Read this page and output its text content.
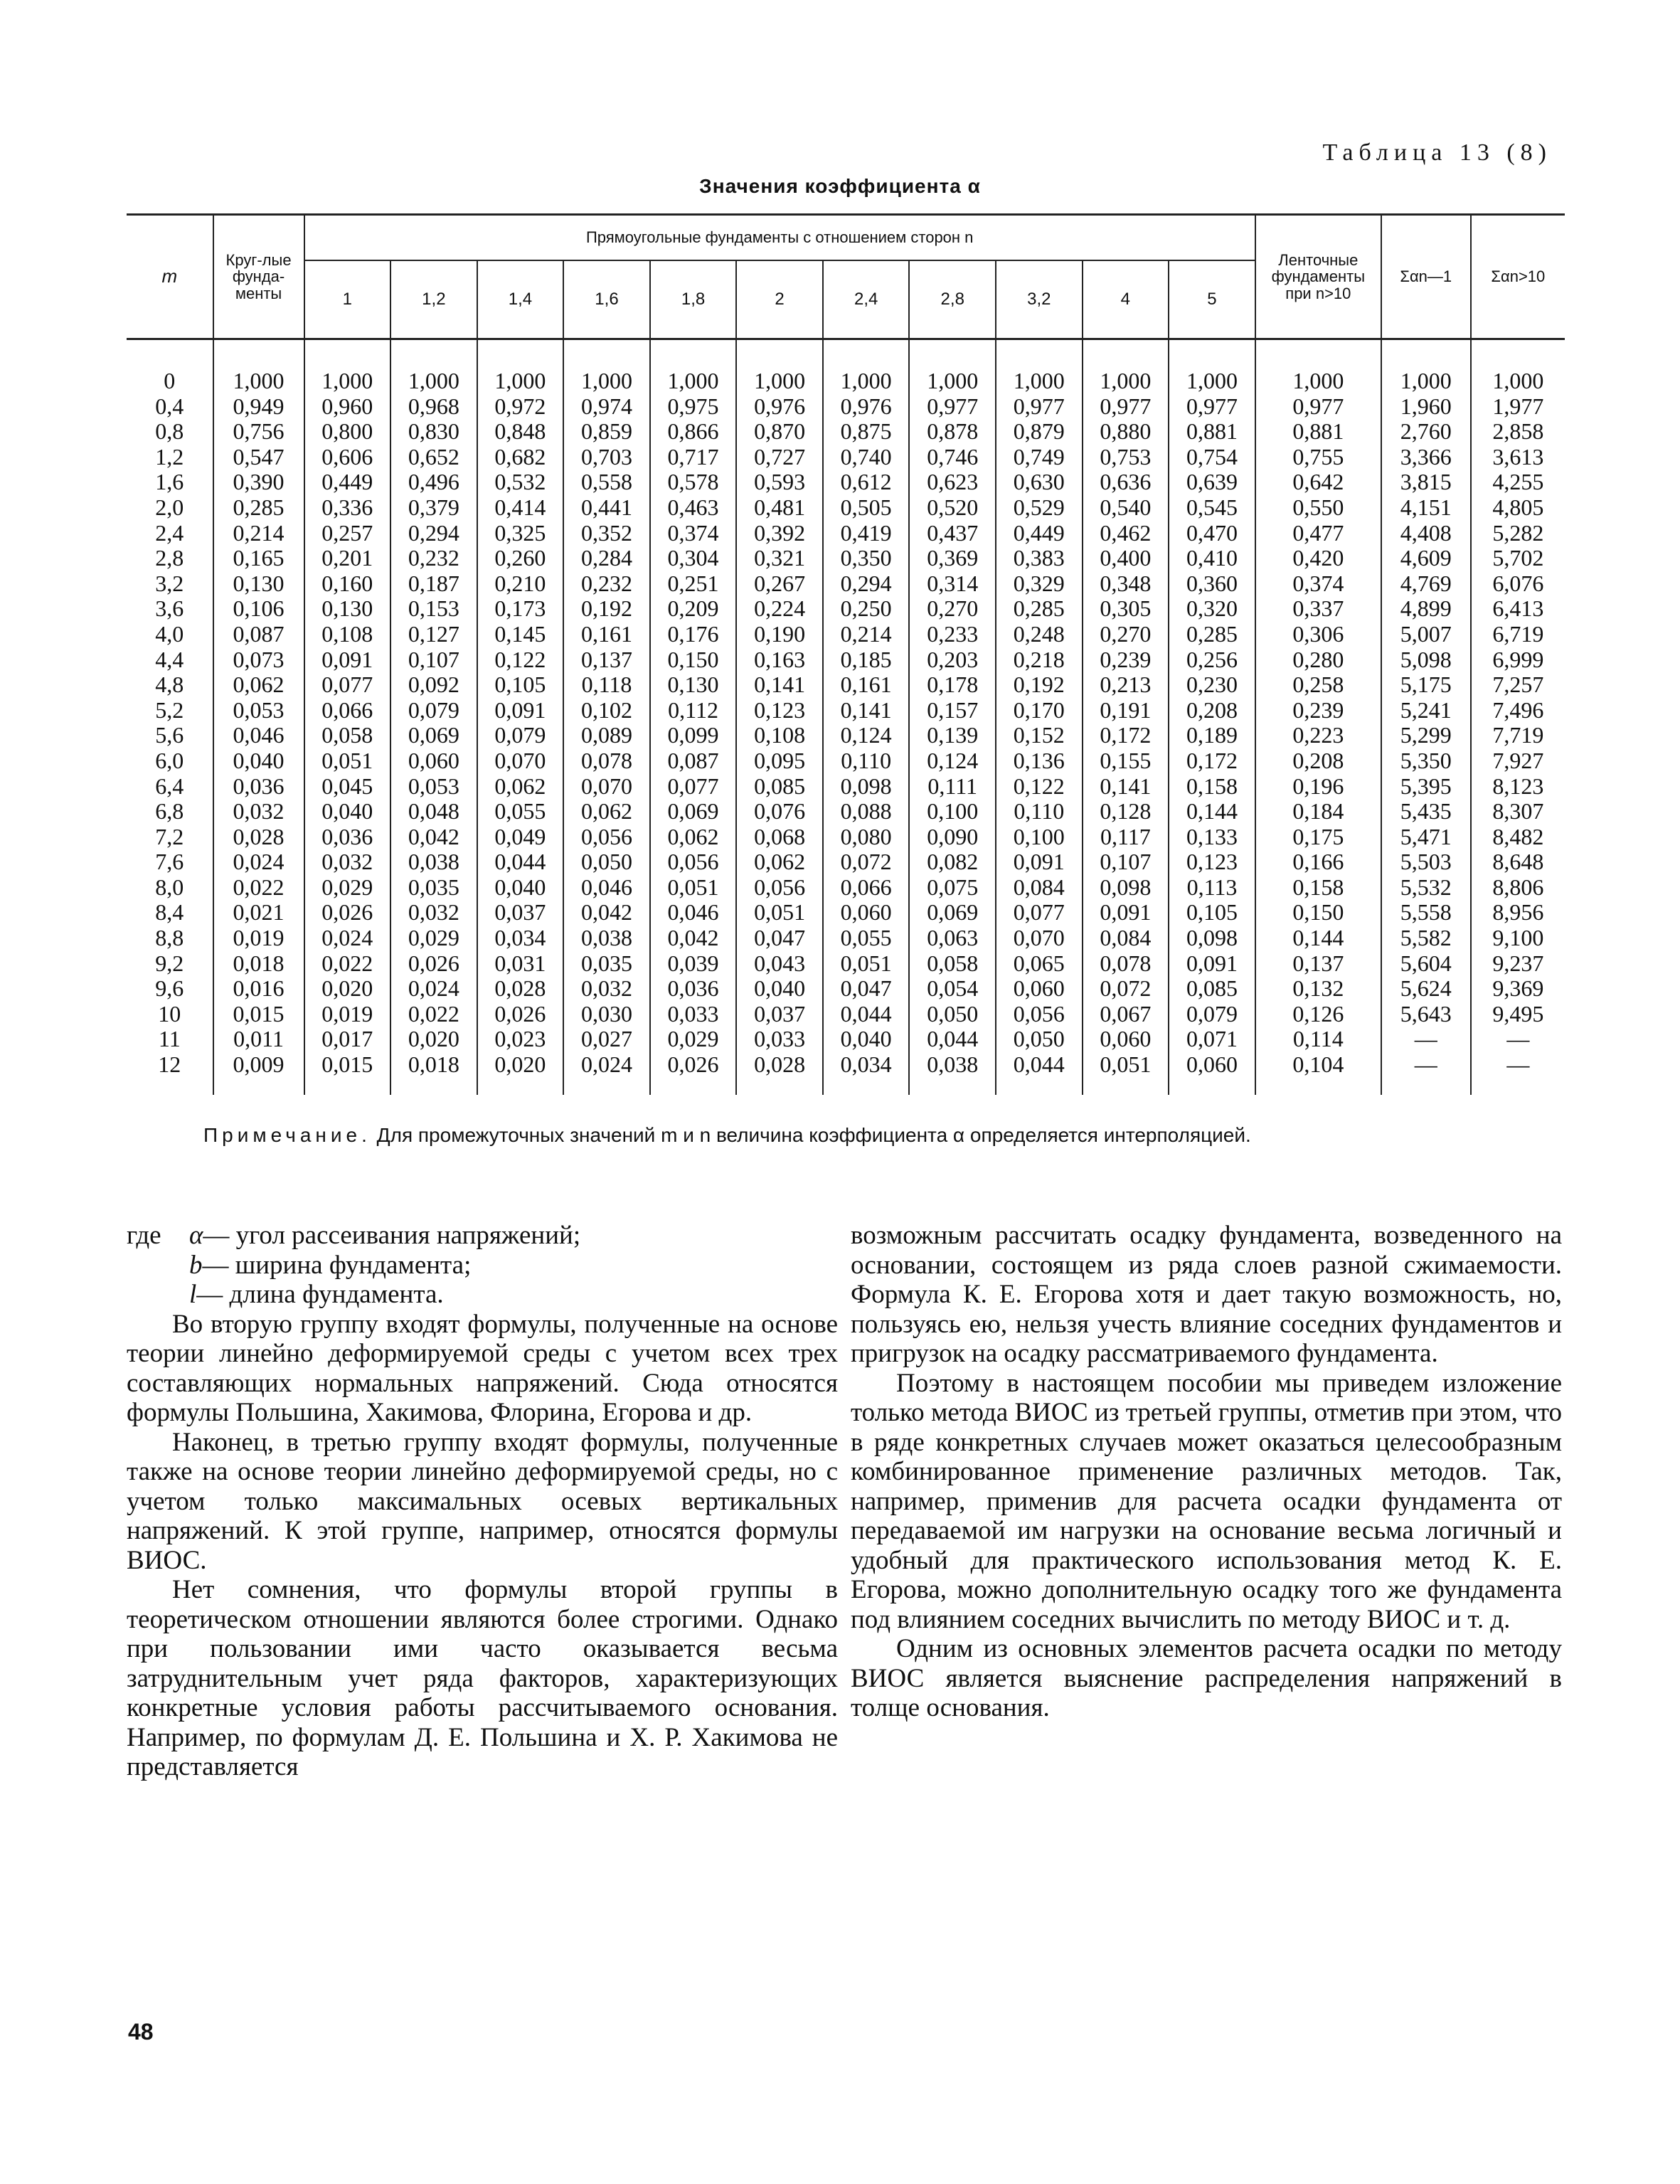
Таблица 13 (8)
Значения коэффициента α
m	Круг-лые фунда-менты	Прямоугольные фундаменты с отношением сторон n											Ленточные фундаменты при n>10	Σαn—1	Σαn>10
		1	1,2	1,4	1,6	1,8	2	2,4	2,8	3,2	4	5			
0	1,000	1,000	1,000	1,000	1,000	1,000	1,000	1,000	1,000	1,000	1,000	1,000	1,000	1,000	1,000
0,4	0,949	0,960	0,968	0,972	0,974	0,975	0,976	0,976	0,977	0,977	0,977	0,977	0,977	1,960	1,977
0,8	0,756	0,800	0,830	0,848	0,859	0,866	0,870	0,875	0,878	0,879	0,880	0,881	0,881	2,760	2,858
1,2	0,547	0,606	0,652	0,682	0,703	0,717	0,727	0,740	0,746	0,749	0,753	0,754	0,755	3,366	3,613
1,6	0,390	0,449	0,496	0,532	0,558	0,578	0,593	0,612	0,623	0,630	0,636	0,639	0,642	3,815	4,255
2,0	0,285	0,336	0,379	0,414	0,441	0,463	0,481	0,505	0,520	0,529	0,540	0,545	0,550	4,151	4,805
2,4	0,214	0,257	0,294	0,325	0,352	0,374	0,392	0,419	0,437	0,449	0,462	0,470	0,477	4,408	5,282
2,8	0,165	0,201	0,232	0,260	0,284	0,304	0,321	0,350	0,369	0,383	0,400	0,410	0,420	4,609	5,702
3,2	0,130	0,160	0,187	0,210	0,232	0,251	0,267	0,294	0,314	0,329	0,348	0,360	0,374	4,769	6,076
3,6	0,106	0,130	0,153	0,173	0,192	0,209	0,224	0,250	0,270	0,285	0,305	0,320	0,337	4,899	6,413
4,0	0,087	0,108	0,127	0,145	0,161	0,176	0,190	0,214	0,233	0,248	0,270	0,285	0,306	5,007	6,719
4,4	0,073	0,091	0,107	0,122	0,137	0,150	0,163	0,185	0,203	0,218	0,239	0,256	0,280	5,098	6,999
4,8	0,062	0,077	0,092	0,105	0,118	0,130	0,141	0,161	0,178	0,192	0,213	0,230	0,258	5,175	7,257
5,2	0,053	0,066	0,079	0,091	0,102	0,112	0,123	0,141	0,157	0,170	0,191	0,208	0,239	5,241	7,496
5,6	0,046	0,058	0,069	0,079	0,089	0,099	0,108	0,124	0,139	0,152	0,172	0,189	0,223	5,299	7,719
6,0	0,040	0,051	0,060	0,070	0,078	0,087	0,095	0,110	0,124	0,136	0,155	0,172	0,208	5,350	7,927
6,4	0,036	0,045	0,053	0,062	0,070	0,077	0,085	0,098	0,111	0,122	0,141	0,158	0,196	5,395	8,123
6,8	0,032	0,040	0,048	0,055	0,062	0,069	0,076	0,088	0,100	0,110	0,128	0,144	0,184	5,435	8,307
7,2	0,028	0,036	0,042	0,049	0,056	0,062	0,068	0,080	0,090	0,100	0,117	0,133	0,175	5,471	8,482
7,6	0,024	0,032	0,038	0,044	0,050	0,056	0,062	0,072	0,082	0,091	0,107	0,123	0,166	5,503	8,648
8,0	0,022	0,029	0,035	0,040	0,046	0,051	0,056	0,066	0,075	0,084	0,098	0,113	0,158	5,532	8,806
8,4	0,021	0,026	0,032	0,037	0,042	0,046	0,051	0,060	0,069	0,077	0,091	0,105	0,150	5,558	8,956
8,8	0,019	0,024	0,029	0,034	0,038	0,042	0,047	0,055	0,063	0,070	0,084	0,098	0,144	5,582	9,100
9,2	0,018	0,022	0,026	0,031	0,035	0,039	0,043	0,051	0,058	0,065	0,078	0,091	0,137	5,604	9,237
9,6	0,016	0,020	0,024	0,028	0,032	0,036	0,040	0,047	0,054	0,060	0,072	0,085	0,132	5,624	9,369
10	0,015	0,019	0,022	0,026	0,030	0,033	0,037	0,044	0,050	0,056	0,067	0,079	0,126	5,643	9,495
11	0,011	0,017	0,020	0,023	0,027	0,029	0,033	0,040	0,044	0,050	0,060	0,071	0,114	—	—
12	0,009	0,015	0,018	0,020	0,024	0,026	0,028	0,034	0,038	0,044	0,051	0,060	0,104	—	—
Примечание. Для промежуточных значений m и n величина коэффициента α определяется интерполяцией.
где α— угол рассеивания напряжений;
b— ширина фундамента;
l— длина фундамента.

Во вторую группу входят формулы, полученные на основе теории линейно деформируемой среды с учетом всех трех составляющих нормальных напряжений. Сюда относятся формулы Польшина, Хакимова, Флорина, Егорова и др.

Наконец, в третью группу входят формулы, полученные также на основе теории линейно деформируемой среды, но с учетом только максимальных осевых вертикальных напряжений. К этой группе, например, относятся формулы ВИОС.

Нет сомнения, что формулы второй группы в теоретическом отношении являются более строгими. Однако при пользовании ими часто оказывается весьма затруднительным учет ряда факторов, характеризующих конкретные условия работы рассчитываемого основания. Например, по формулам Д. Е. Польшина и Х. Р. Хакимова не представляется

возможным рассчитать осадку фундамента, возведенного на основании, состоящем из ряда слоев разной сжимаемости. Формула К. Е. Егорова хотя и дает такую возможность, но, пользуясь ею, нельзя учесть влияние соседних фундаментов и пригрузок на осадку рассматриваемого фундамента.

Поэтому в настоящем пособии мы приведем изложение только метода ВИОС из третьей группы, отметив при этом, что в ряде конкретных случаев может оказаться целесообразным комбинированное применение различных методов. Так, например, применив для расчета осадки фундамента от передаваемой им нагрузки на основание весьма логичный и удобный для практического использования метод К. Е. Егорова, можно дополнительную осадку того же фундамента под влиянием соседних вычислить по методу ВИОС и т. д.

Одним из основных элементов расчета осадки по методу ВИОС является выяснение распределения напряжений в толще основания.

48
